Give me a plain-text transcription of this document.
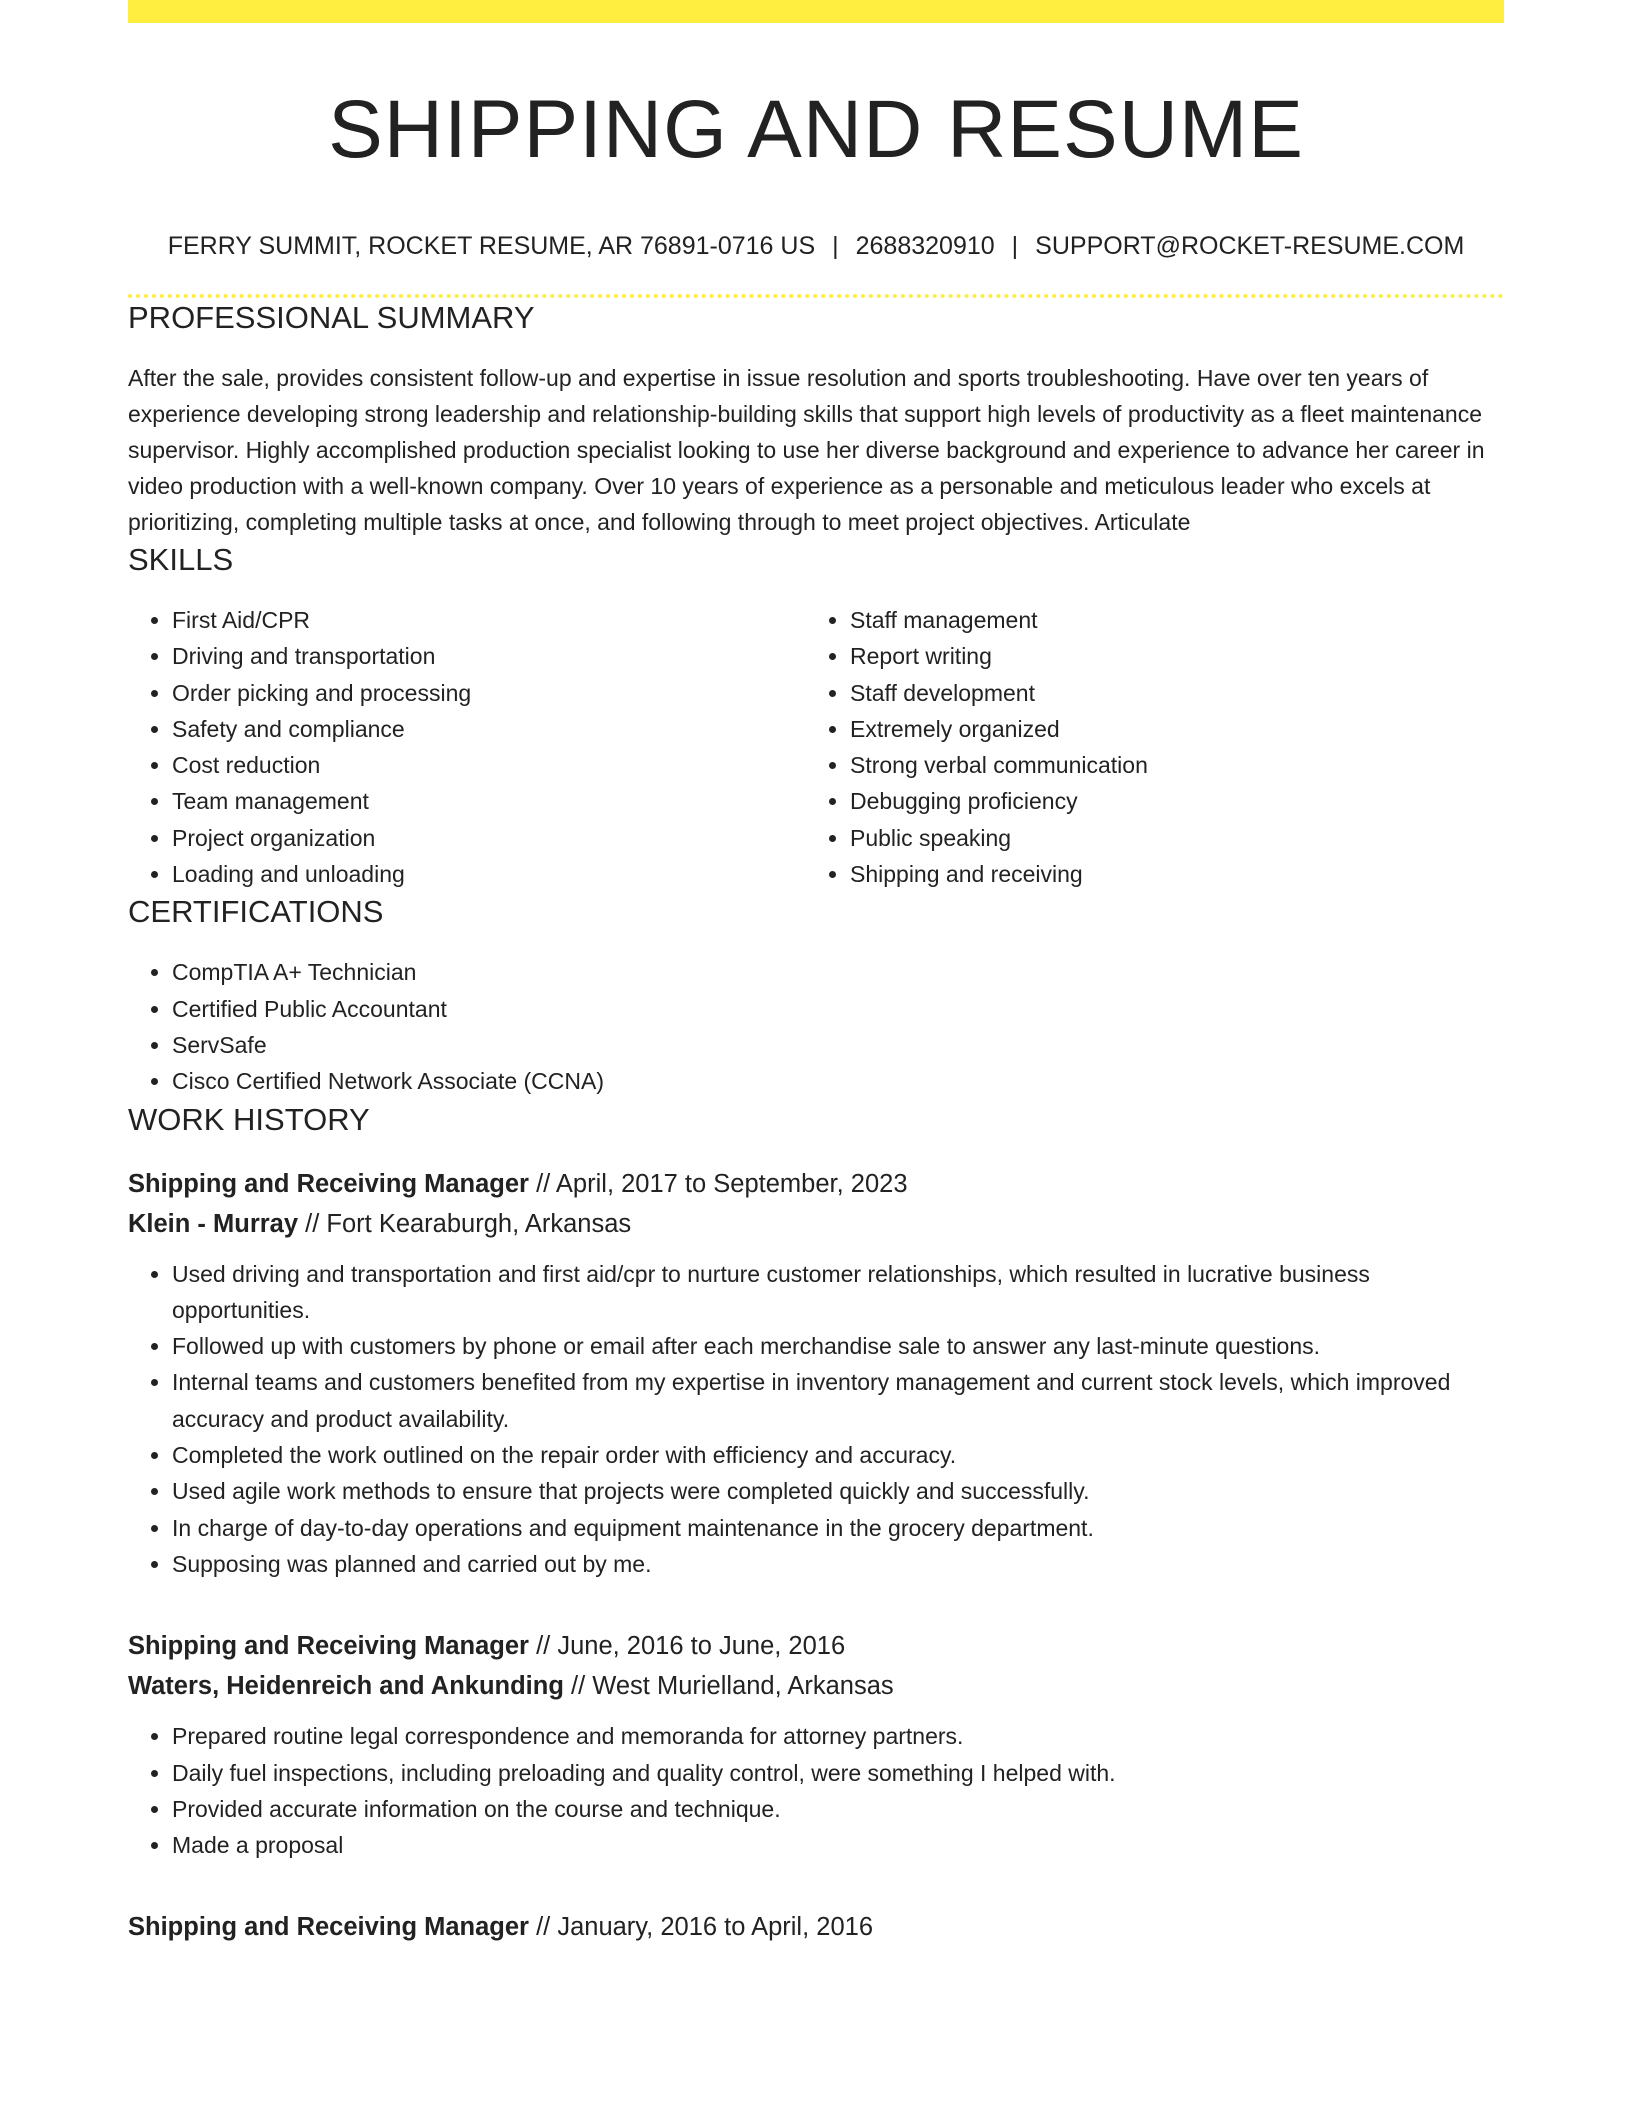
SHIPPING AND RESUME
FERRY SUMMIT, ROCKET RESUME, AR 76891-0716 US | 2688320910 | SUPPORT@ROCKET-RESUME.COM
PROFESSIONAL SUMMARY

After the sale, provides consistent follow-up and expertise in issue resolution and sports troubleshooting. Have over ten years of experience developing strong leadership and relationship-building skills that support high levels of productivity as a fleet maintenance supervisor. Highly accomplished production specialist looking to use her diverse background and experience to advance her career in video production with a well-known company. Over 10 years of experience as a personable and meticulous leader who excels at prioritizing, completing multiple tasks at once, and following through to meet project objectives. Articulate

SKILLS
• First Aid/CPR
• Driving and transportation
• Order picking and processing
• Safety and compliance
• Cost reduction
• Team management
• Project organization
• Loading and unloading
• Staff management
• Report writing
• Staff development
• Extremely organized
• Strong verbal communication
• Debugging proficiency
• Public speaking
• Shipping and receiving
CERTIFICATIONS
• CompTIA A+ Technician
• Certified Public Accountant
• ServSafe
• Cisco Certified Network Associate (CCNA)
WORK HISTORY
Shipping and Receiving Manager // April, 2017 to September, 2023
Klein - Murray // Fort Kearaburgh, Arkansas
• Used driving and transportation and first aid/cpr to nurture customer relationships, which resulted in lucrative business opportunities.
• Followed up with customers by phone or email after each merchandise sale to answer any last-minute questions.
• Internal teams and customers benefited from my expertise in inventory management and current stock levels, which improved accuracy and product availability.
• Completed the work outlined on the repair order with efficiency and accuracy.
• Used agile work methods to ensure that projects were completed quickly and successfully.
• In charge of day-to-day operations and equipment maintenance in the grocery department.
• Supposing was planned and carried out by me.
Shipping and Receiving Manager // June, 2016 to June, 2016
Waters, Heidenreich and Ankunding // West Murielland, Arkansas
• Prepared routine legal correspondence and memoranda for attorney partners.
• Daily fuel inspections, including preloading and quality control, were something I helped with.
• Provided accurate information on the course and technique.
• Made a proposal
Shipping and Receiving Manager // January, 2016 to April, 2016
